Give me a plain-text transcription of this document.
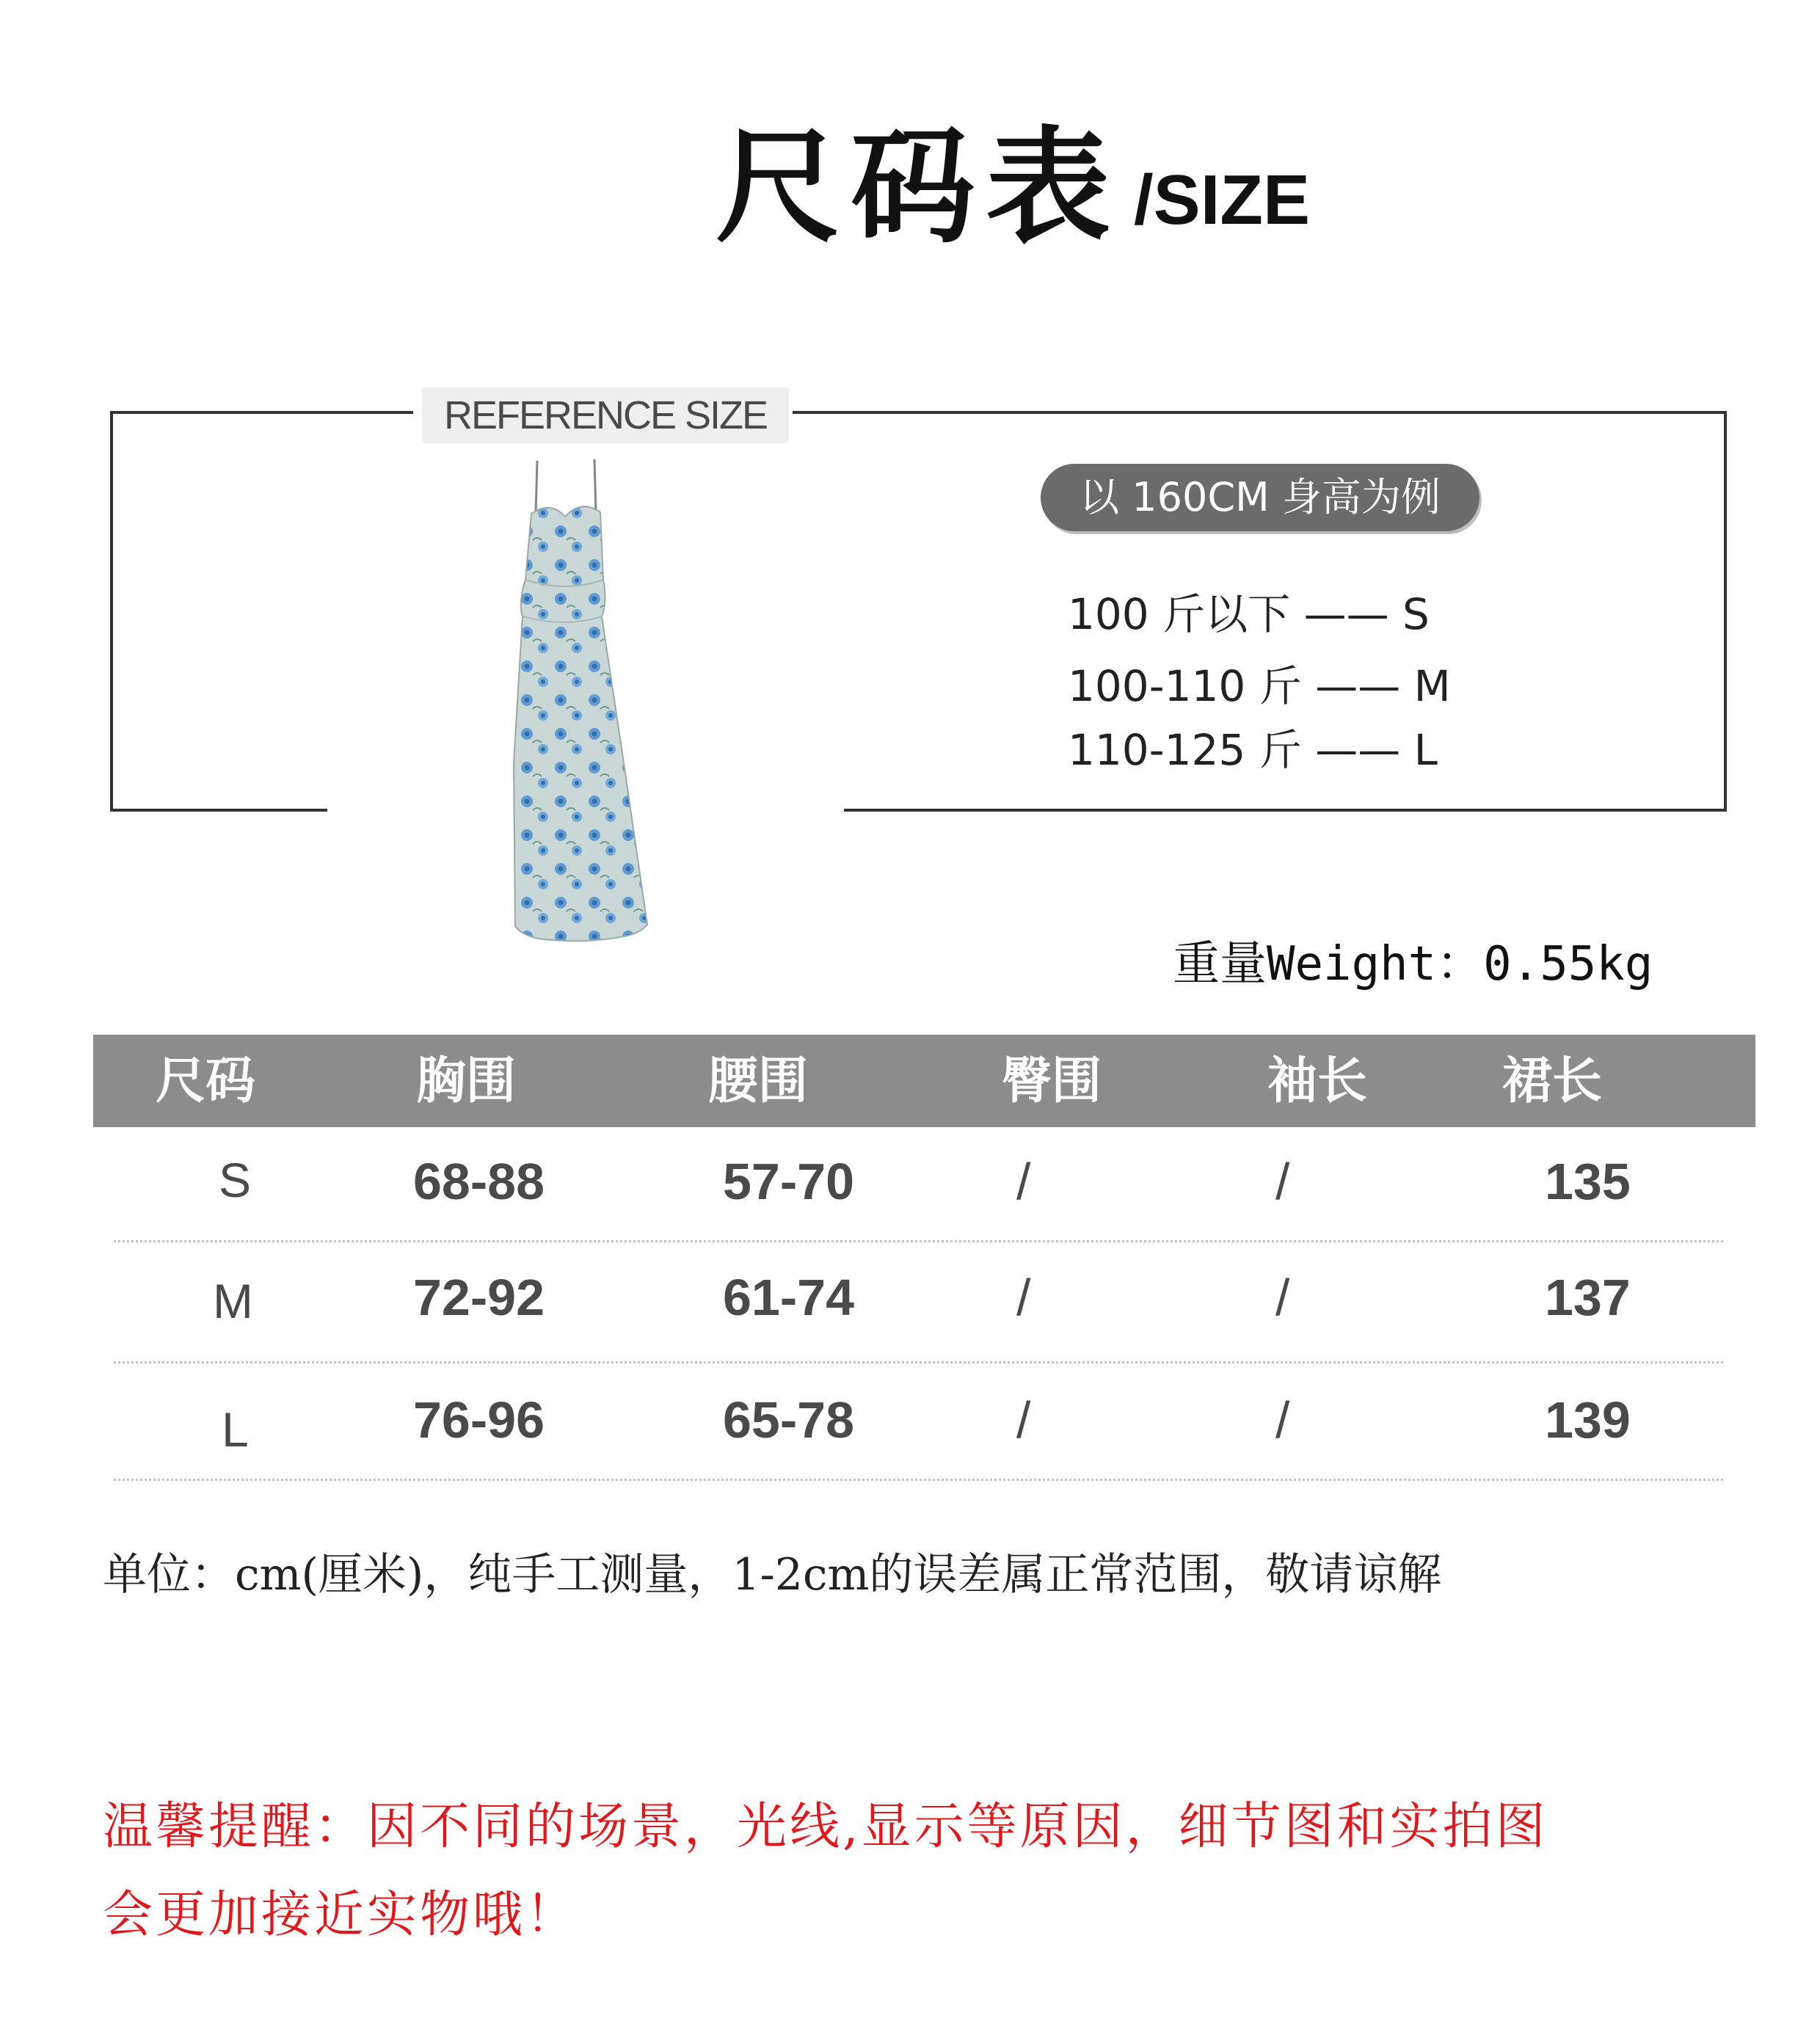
尺码表 /SIZE
REFERENCE SIZE
以 160CM 身高为例
100 斤以下 —— S
100-110 斤 —— M
110-125 斤 —— L
重量Weight：0.55kg
尺码	胸围	腰围	臀围	袖长	裙长
S	68-88	57-70	/	/	135
M	72-92	61-74	/	/	137
L	76-96	65-78	/	/	139
单位：cm(厘米)，纯手工测量，1-2cm的误差属正常范围，敬请谅解
温馨提醒：因不同的场景，光线,显示等原因，细节图和实拍图
会更加接近实物哦！
